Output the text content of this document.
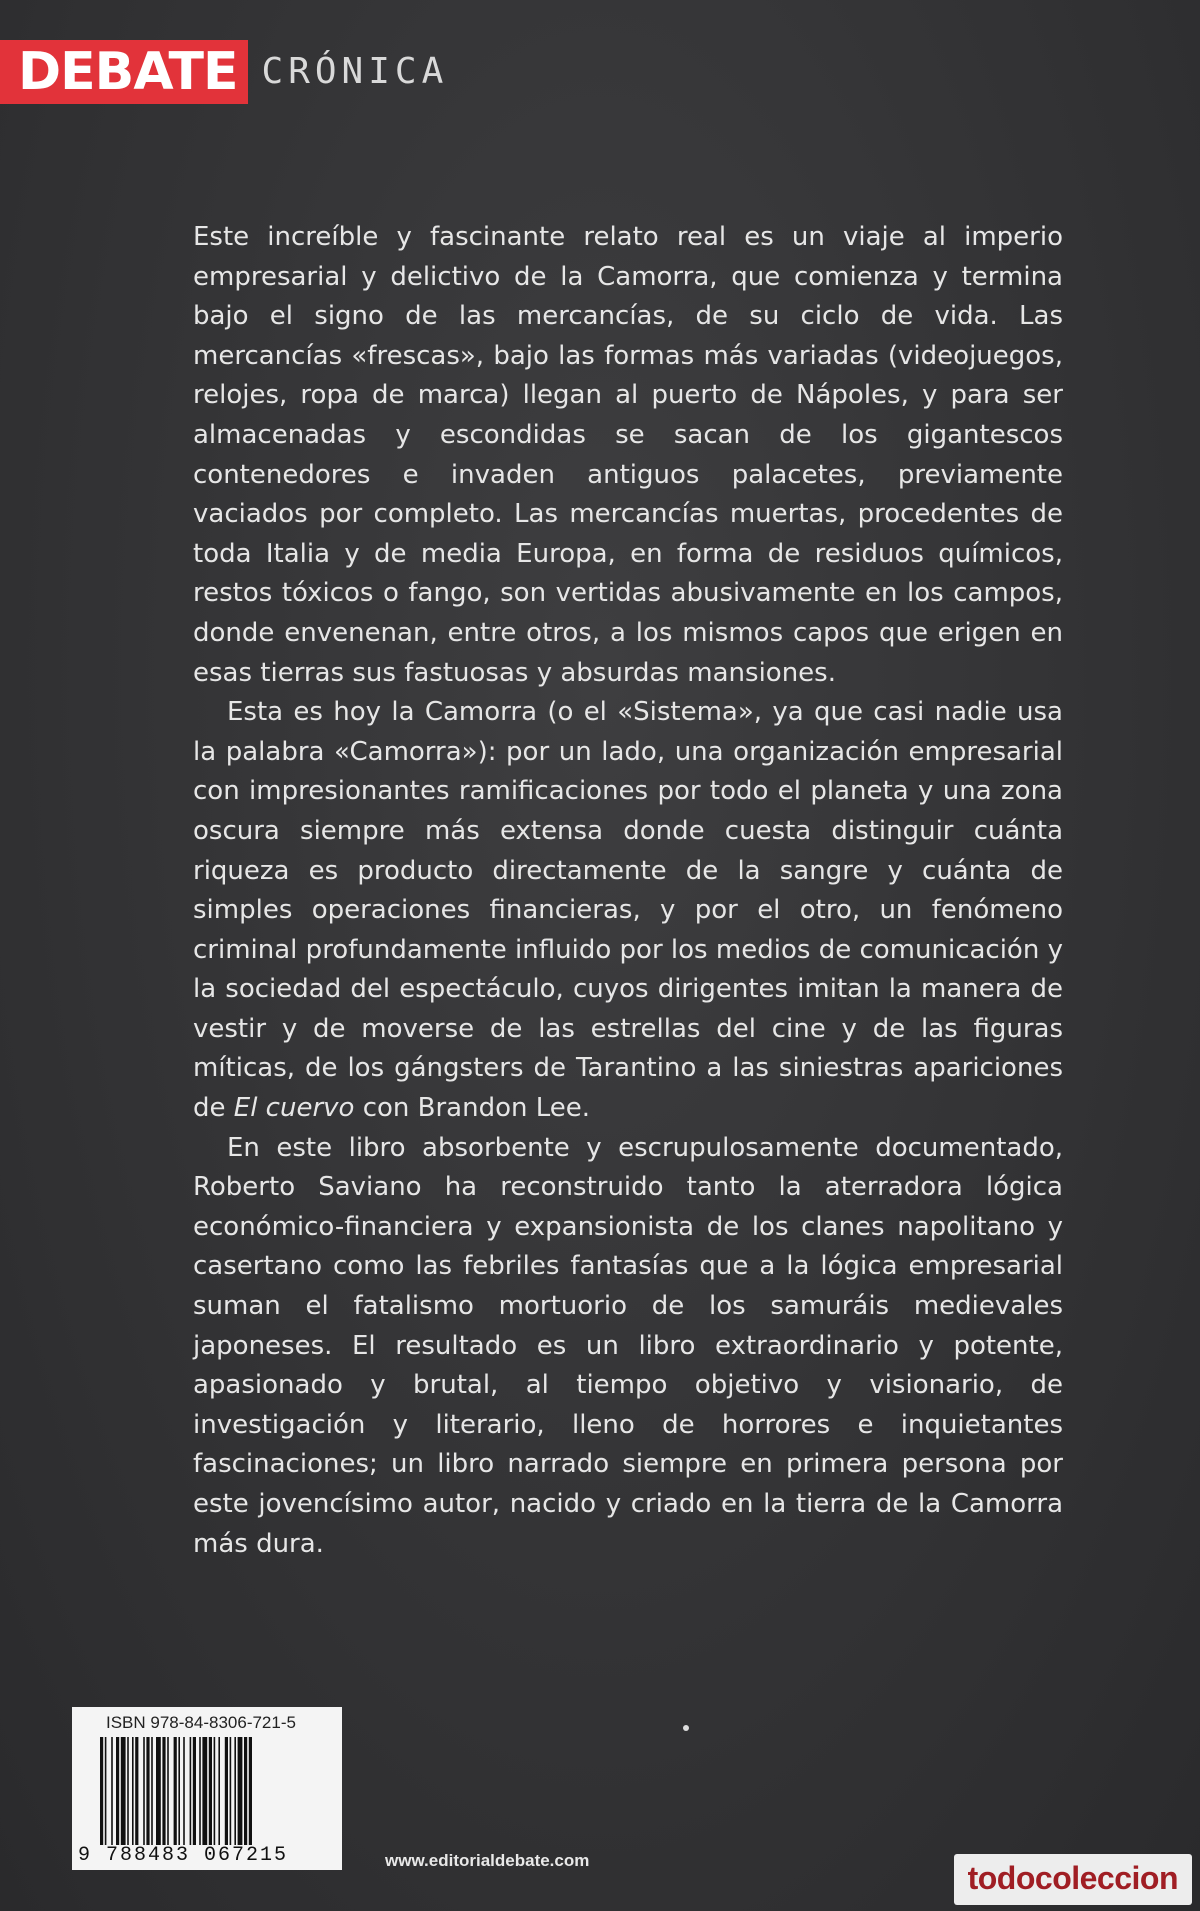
DEBATE CRÓNICA

Este increíble y fascinante relato real es un viaje al imperio empresarial y delictivo de la Camorra, que comienza y termina bajo el signo de las mercancías, de su ciclo de vida. Las mercancías «frescas», bajo las formas más variadas (videojuegos, relojes, ropa de marca) llegan al puerto de Nápoles, y para ser almacenadas y escondidas se sacan de los gigantescos contenedores e invaden antiguos palacetes, previamente vaciados por completo. Las mercancías muertas, procedentes de toda Italia y de media Europa, en forma de residuos químicos, restos tóxicos o fango, son vertidas abusivamente en los campos, donde envenenan, entre otros, a los mismos capos que erigen en esas tierras sus fastuosas y absurdas mansiones.

Esta es hoy la Camorra (o el «Sistema», ya que casi nadie usa la palabra «Camorra»): por un lado, una organización empresarial con impresionantes ramificaciones por todo el planeta y una zona oscura siempre más extensa donde cuesta distinguir cuánta riqueza es producto directamente de la sangre y cuánta de simples operaciones financieras, y por el otro, un fenómeno criminal profundamente influido por los medios de comunicación y la sociedad del espectáculo, cuyos dirigentes imitan la manera de vestir y de moverse de las estrellas del cine y de las figuras míticas, de los gángsters de Tarantino a las siniestras apariciones de El cuervo con Brandon Lee.

En este libro absorbente y escrupulosamente documentado, Roberto Saviano ha reconstruido tanto la aterradora lógica económico-financiera y expansionista de los clanes napolitano y casertano como las febriles fantasías que a la lógica empresarial suman el fatalismo mortuorio de los samuráis medievales japoneses. El resultado es un libro extraordinario y potente, apasionado y brutal, al tiempo objetivo y visionario, de investigación y literario, lleno de horrores e inquietantes fascinaciones; un libro narrado siempre en primera persona por este jovencísimo autor, nacido y criado en la tierra de la Camorra más dura.

ISBN 978-84-8306-721-5
9 788483 067215	www.editorialdebate.com	todocoleccion
